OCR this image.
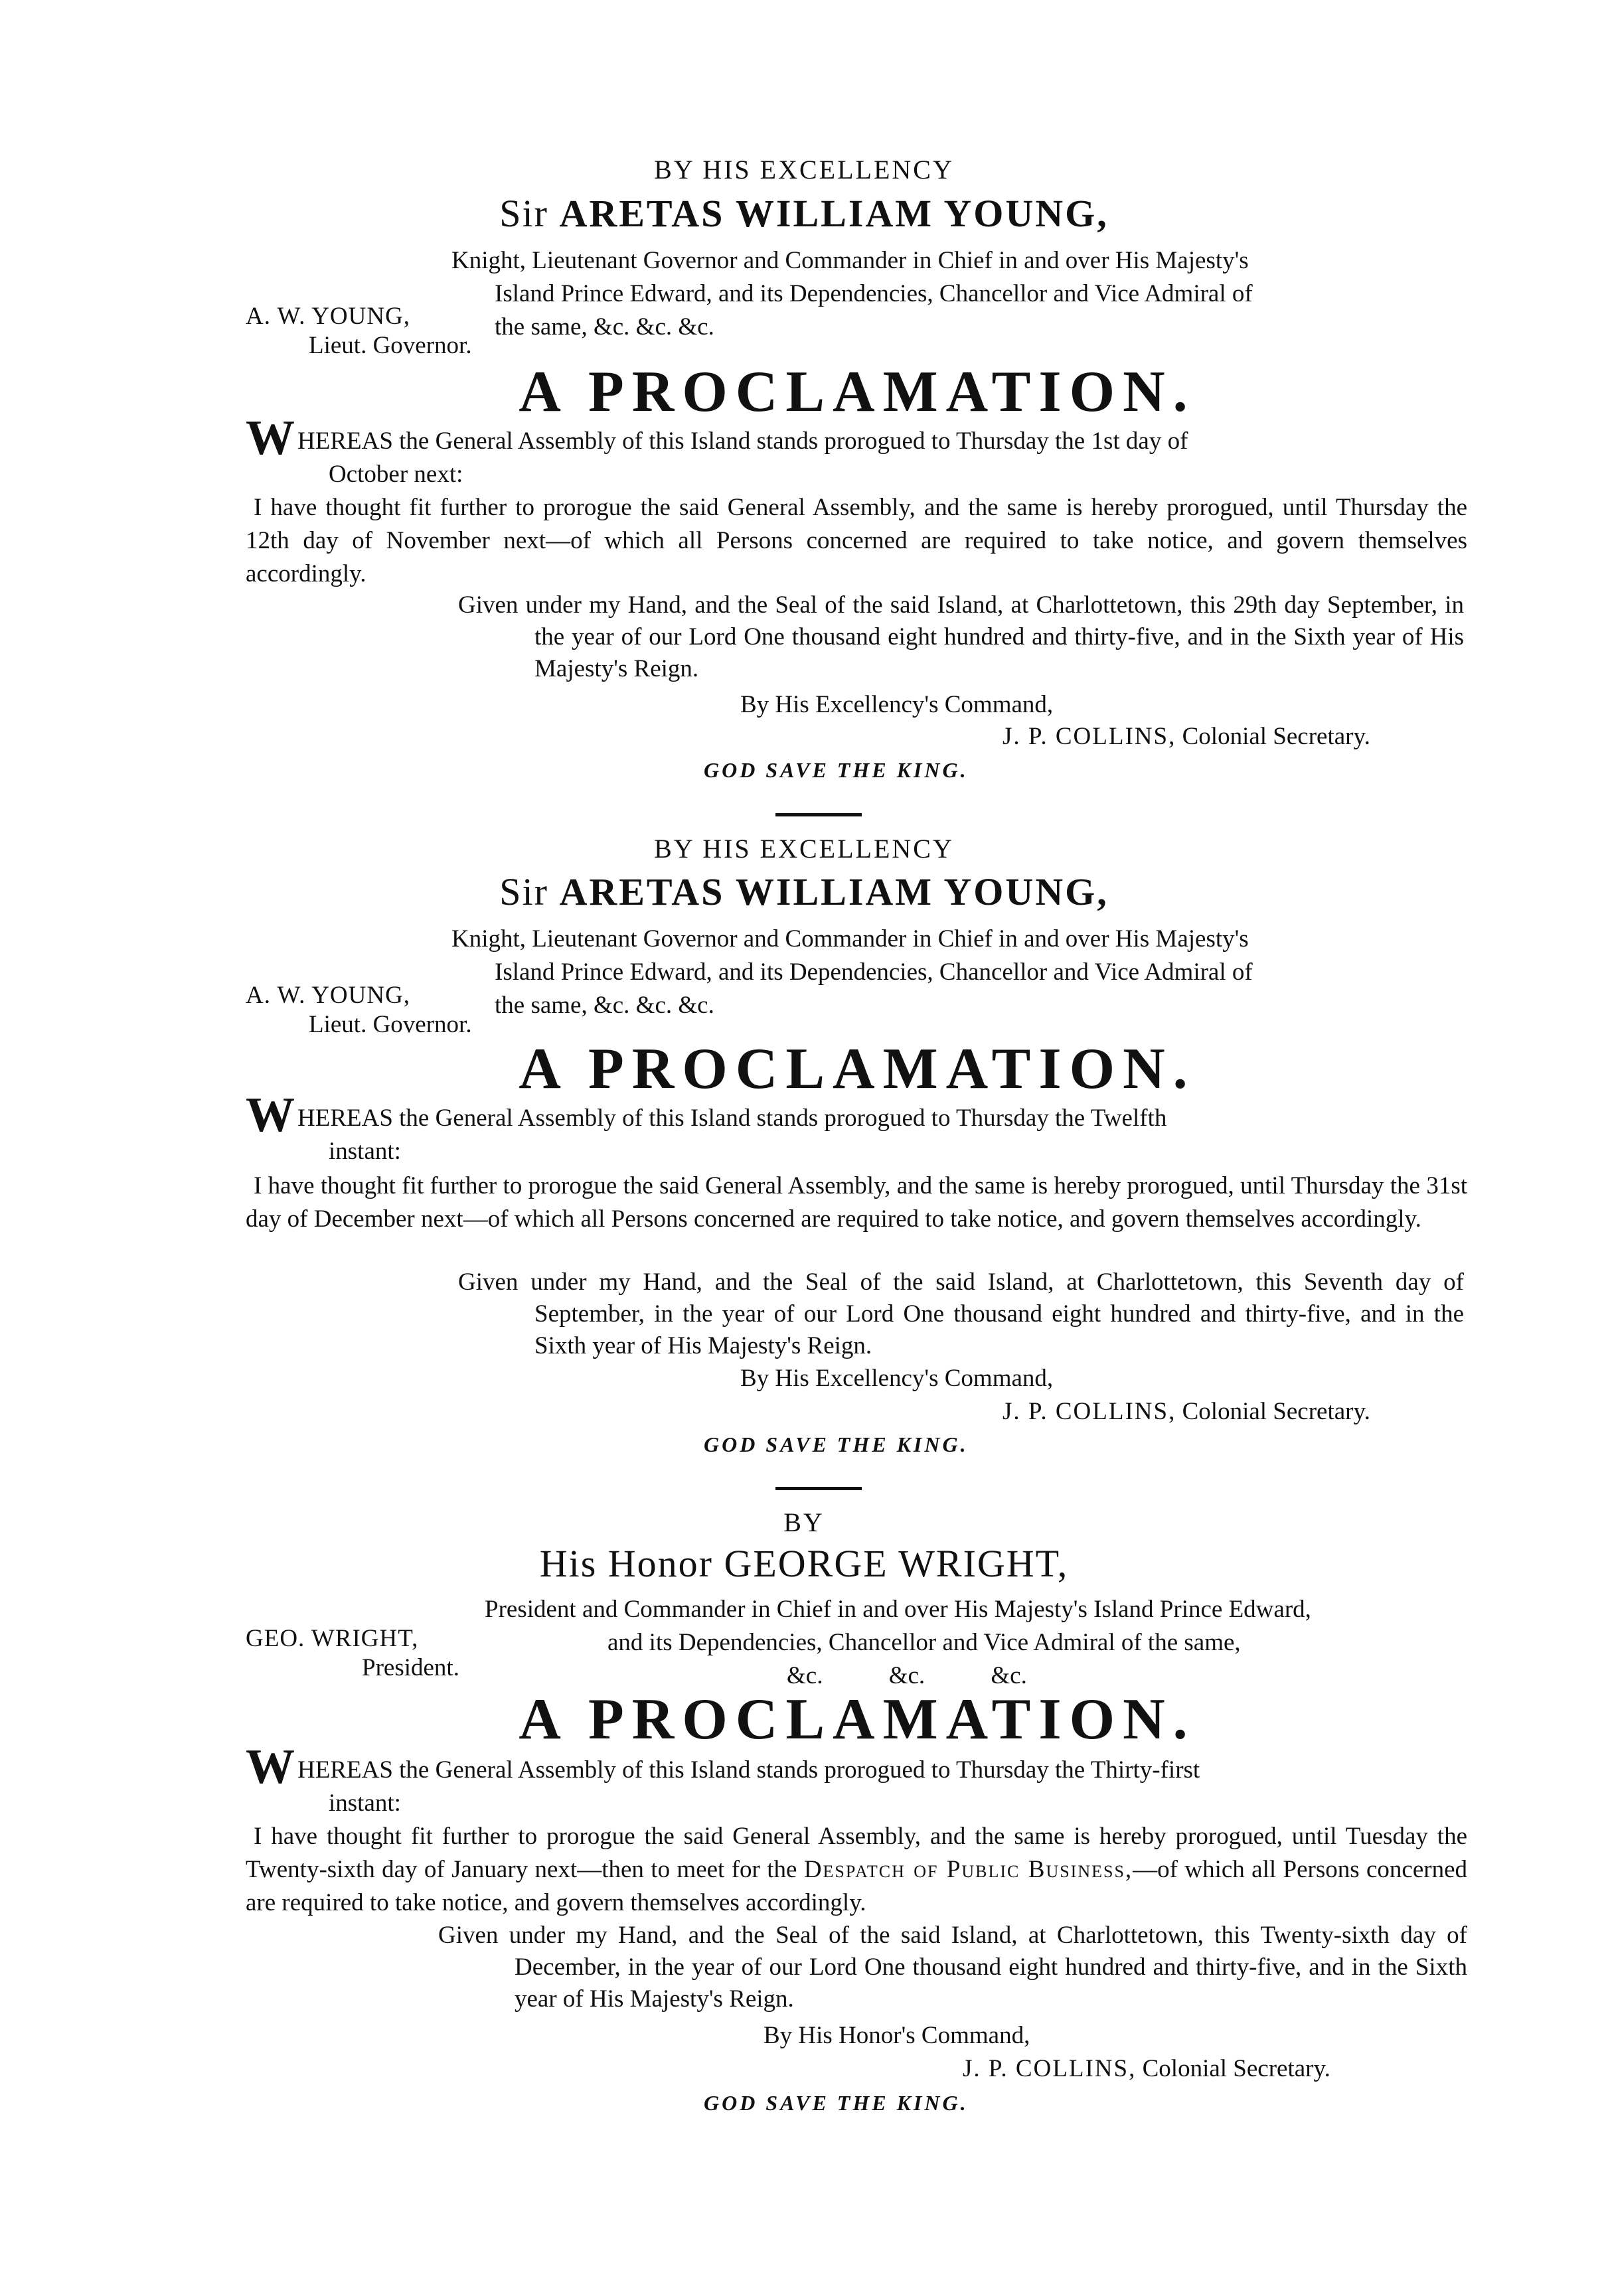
BY HIS EXCELLENCY
Sir ARETAS WILLIAM YOUNG,
Knight, Lieutenant Governor and Commander in Chief in and over His Majesty's
Island Prince Edward, and its Dependencies, Chancellor and Vice Admiral of
the same, &c. &c. &c.
A. W. YOUNG,
Lieut. Governor.
A PROCLAMATION.
WHEREAS the General Assembly of this Island stands prorogued to Thursday the 1st day of
October next:
I have thought fit further to prorogue the said General Assembly, and the same is hereby prorogued, until Thursday the 12th day of November next—of which all Persons concerned are required to take notice, and govern themselves accordingly.
Given under my Hand, and the Seal of the said Island, at Charlottetown, this 29th day September, in the year of our Lord One thousand eight hundred and thirty-five, and in the Sixth year of His Majesty's Reign.
By His Excellency's Command,
J. P. COLLINS, Colonial Secretary.
GOD SAVE THE KING.
BY HIS EXCELLENCY
Sir ARETAS WILLIAM YOUNG,
Knight, Lieutenant Governor and Commander in Chief in and over His Majesty's
Island Prince Edward, and its Dependencies, Chancellor and Vice Admiral of
the same, &c. &c. &c.
A. W. YOUNG,
Lieut. Governor.
A PROCLAMATION.
WHEREAS the General Assembly of this Island stands prorogued to Thursday the Twelfth
instant:
I have thought fit further to prorogue the said General Assembly, and the same is hereby prorogued, until Thursday the 31st day of December next—of which all Persons concerned are required to take notice, and govern themselves accordingly.
Given under my Hand, and the Seal of the said Island, at Charlottetown, this Seventh day of September, in the year of our Lord One thousand eight hundred and thirty-five, and in the Sixth year of His Majesty's Reign.
By His Excellency's Command,
J. P. COLLINS, Colonial Secretary.
GOD SAVE THE KING.
BY
His Honor GEORGE WRIGHT,
President and Commander in Chief in and over His Majesty's Island Prince Edward,
and its Dependencies, Chancellor and Vice Admiral of the same,
&c. &c. &c.
GEO. WRIGHT,
President.
A PROCLAMATION.
WHEREAS the General Assembly of this Island stands prorogued to Thursday the Thirty-first
instant:
I have thought fit further to prorogue the said General Assembly, and the same is hereby prorogued, until Tuesday the Twenty-sixth day of January next—then to meet for the Despatch of Public Business,—of which all Persons concerned are required to take notice, and govern themselves accordingly.
Given under my Hand, and the Seal of the said Island, at Charlottetown, this Twenty-sixth day of December, in the year of our Lord One thousand eight hundred and thirty-five, and in the Sixth year of His Majesty's Reign.
By His Honor's Command,
J. P. COLLINS, Colonial Secretary.
GOD SAVE THE KING.
